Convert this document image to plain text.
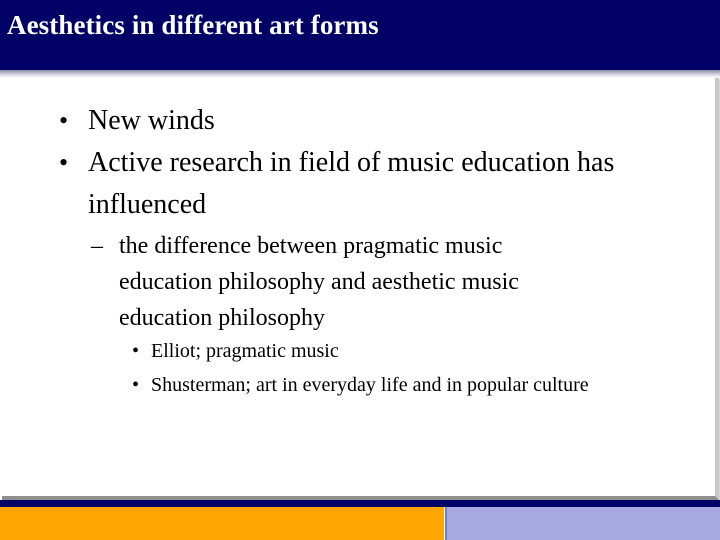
Aesthetics in different art forms
• New winds
• Active research in field of music education has influenced
– the difference between pragmatic music education philosophy and aesthetic music education philosophy
• Elliot; pragmatic music
• Shusterman; art in everyday life and in popular culture
